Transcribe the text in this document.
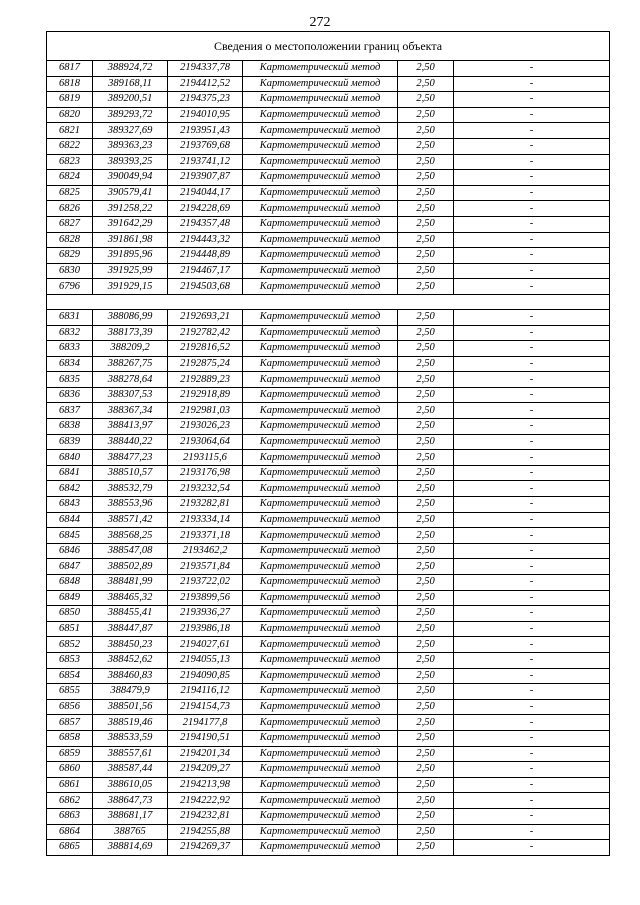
272
Сведения о местоположении границ объекта					
6817	388924,72	2194337,78	Картометрический метод	2,50	-
6818	389168,11	2194412,52	Картометрический метод	2,50	-
6819	389200,51	2194375,23	Картометрический метод	2,50	-
6820	389293,72	2194010,95	Картометрический метод	2,50	-
6821	389327,69	2193951,43	Картометрический метод	2,50	-
6822	389363,23	2193769,68	Картометрический метод	2,50	-
6823	389393,25	2193741,12	Картометрический метод	2,50	-
6824	390049,94	2193907,87	Картометрический метод	2,50	-
6825	390579,41	2194044,17	Картометрический метод	2,50	-
6826	391258,22	2194228,69	Картометрический метод	2,50	-
6827	391642,29	2194357,48	Картометрический метод	2,50	-
6828	391861,98	2194443,32	Картометрический метод	2,50	-
6829	391895,96	2194448,89	Картометрический метод	2,50	-
6830	391925,99	2194467,17	Картометрический метод	2,50	-
6796	391929,15	2194503,68	Картометрический метод	2,50	-

6831	388086,99	2192693,21	Картометрический метод	2,50	-
6832	388173,39	2192782,42	Картометрический метод	2,50	-
6833	388209,2	2192816,52	Картометрический метод	2,50	-
6834	388267,75	2192875,24	Картометрический метод	2,50	-
6835	388278,64	2192889,23	Картометрический метод	2,50	-
6836	388307,53	2192918,89	Картометрический метод	2,50	-
6837	388367,34	2192981,03	Картометрический метод	2,50	-
6838	388413,97	2193026,23	Картометрический метод	2,50	-
6839	388440,22	2193064,64	Картометрический метод	2,50	-
6840	388477,23	2193115,6	Картометрический метод	2,50	-
6841	388510,57	2193176,98	Картометрический метод	2,50	-
6842	388532,79	2193232,54	Картометрический метод	2,50	-
6843	388553,96	2193282,81	Картометрический метод	2,50	-
6844	388571,42	2193334,14	Картометрический метод	2,50	-
6845	388568,25	2193371,18	Картометрический метод	2,50	-
6846	388547,08	2193462,2	Картометрический метод	2,50	-
6847	388502,89	2193571,84	Картометрический метод	2,50	-
6848	388481,99	2193722,02	Картометрический метод	2,50	-
6849	388465,32	2193899,56	Картометрический метод	2,50	-
6850	388455,41	2193936,27	Картометрический метод	2,50	-
6851	388447,87	2193986,18	Картометрический метод	2,50	-
6852	388450,23	2194027,61	Картометрический метод	2,50	-
6853	388452,62	2194055,13	Картометрический метод	2,50	-
6854	388460,83	2194090,85	Картометрический метод	2,50	-
6855	388479,9	2194116,12	Картометрический метод	2,50	-
6856	388501,56	2194154,73	Картометрический метод	2,50	-
6857	388519,46	2194177,8	Картометрический метод	2,50	-
6858	388533,59	2194190,51	Картометрический метод	2,50	-
6859	388557,61	2194201,34	Картометрический метод	2,50	-
6860	388587,44	2194209,27	Картометрический метод	2,50	-
6861	388610,05	2194213,98	Картометрический метод	2,50	-
6862	388647,73	2194222,92	Картометрический метод	2,50	-
6863	388681,17	2194232,81	Картометрический метод	2,50	-
6864	388765	2194255,88	Картометрический метод	2,50	-
6865	388814,69	2194269,37	Картометрический метод	2,50	-
